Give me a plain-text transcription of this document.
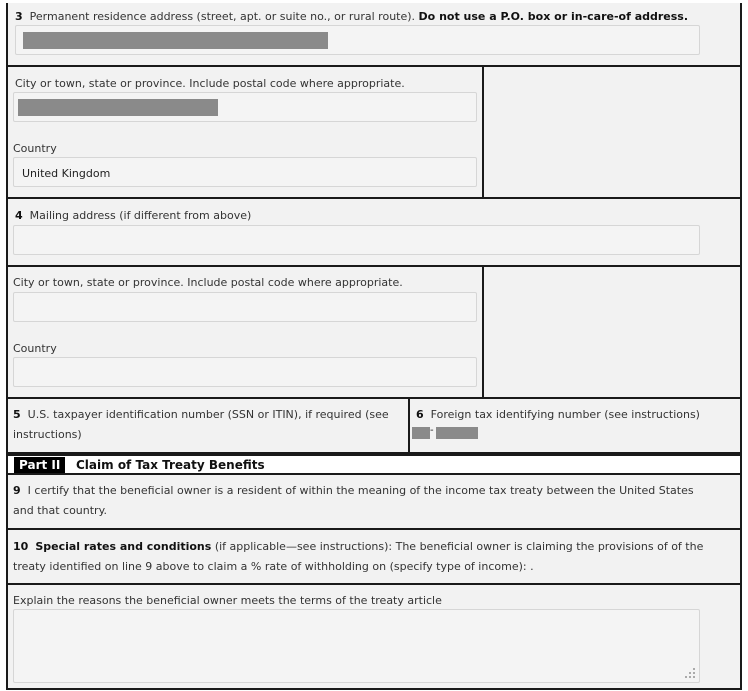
3 Permanent residence address (street, apt. or suite no., or rural route). Do not use a P.O. box or in-care-of address.
City or town, state or province. Include postal code where appropriate.
Country
United Kingdom
4 Mailing address (if different from above)
City or town, state or province. Include postal code where appropriate.
Country
5 U.S. taxpayer identification number (SSN or ITIN), if required (see instructions)
6 Foreign tax identifying number (see instructions)
-
Part II	Claim of Tax Treaty Benefits
9 I certify that the beneficial owner is a resident of within the meaning of the income tax treaty between the United States and that country.
10 Special rates and conditions (if applicable—see instructions): The beneficial owner is claiming the provisions of of the treaty identified on line 9 above to claim a % rate of withholding on (specify type of income): .
Explain the reasons the beneficial owner meets the terms of the treaty article
